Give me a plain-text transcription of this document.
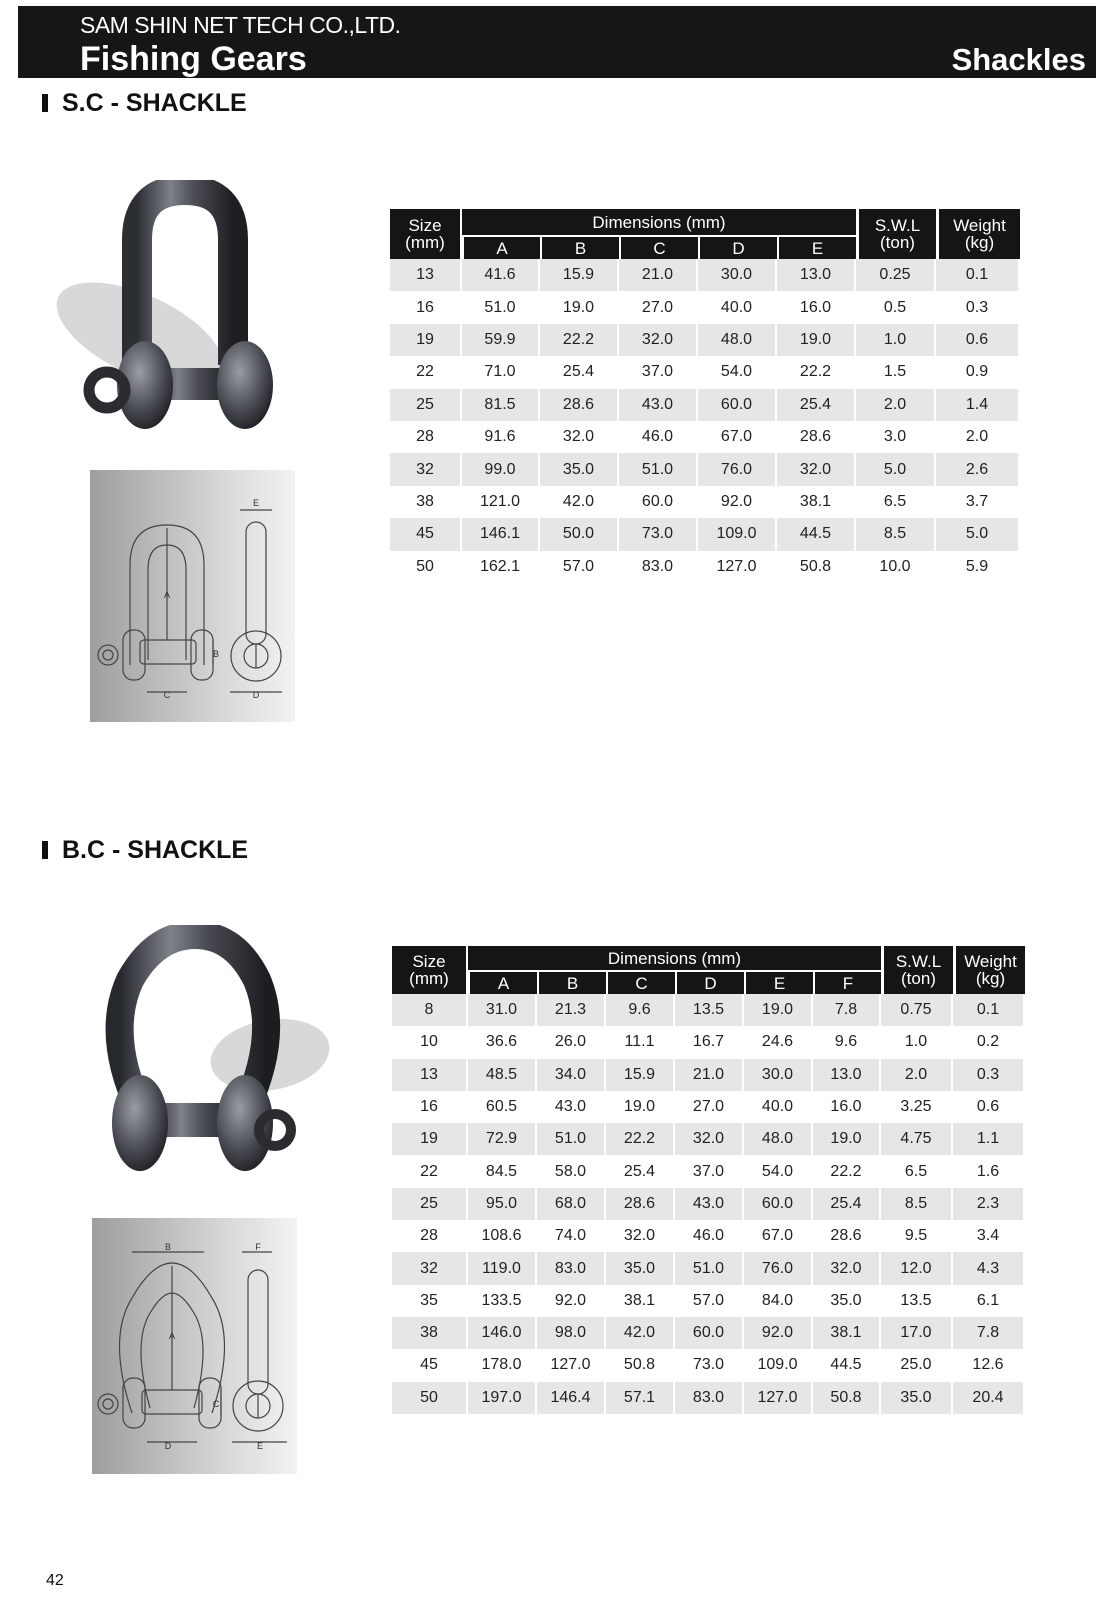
SAM SHIN NET TECH CO.,LTD.
Fishing Gears	Shackles
S.C - SHACKLE
A
B
C	D
E
Size
(mm)	Dimensions (mm)					S.W.L
(ton)	Weight
(kg)
	A	B	C	D	E		
13	41.6	15.9	21.0	30.0	13.0	0.25	0.1
16	51.0	19.0	27.0	40.0	16.0	0.5	0.3
19	59.9	22.2	32.0	48.0	19.0	1.0	0.6
22	71.0	25.4	37.0	54.0	22.2	1.5	0.9
25	81.5	28.6	43.0	60.0	25.4	2.0	1.4
28	91.6	32.0	46.0	67.0	28.6	3.0	2.0
32	99.0	35.0	51.0	76.0	32.0	5.0	2.6
38	121.0	42.0	60.0	92.0	38.1	6.5	3.7
45	146.1	50.0	73.0	109.0	44.5	8.5	5.0
50	162.1	57.0	83.0	127.0	50.8	10.0	5.9
B.C - SHACKLE
A
B
C
D	E
F
Size
(mm)	Dimensions (mm)						S.W.L
(ton)	Weight
(kg)
	A	B	C	D	E	F		
8	31.0	21.3	9.6	13.5	19.0	7.8	0.75	0.1
10	36.6	26.0	11.1	16.7	24.6	9.6	1.0	0.2
13	48.5	34.0	15.9	21.0	30.0	13.0	2.0	0.3
16	60.5	43.0	19.0	27.0	40.0	16.0	3.25	0.6
19	72.9	51.0	22.2	32.0	48.0	19.0	4.75	1.1
22	84.5	58.0	25.4	37.0	54.0	22.2	6.5	1.6
25	95.0	68.0	28.6	43.0	60.0	25.4	8.5	2.3
28	108.6	74.0	32.0	46.0	67.0	28.6	9.5	3.4
32	119.0	83.0	35.0	51.0	76.0	32.0	12.0	4.3
35	133.5	92.0	38.1	57.0	84.0	35.0	13.5	6.1
38	146.0	98.0	42.0	60.0	92.0	38.1	17.0	7.8
45	178.0	127.0	50.8	73.0	109.0	44.5	25.0	12.6
50	197.0	146.4	57.1	83.0	127.0	50.8	35.0	20.4
42
